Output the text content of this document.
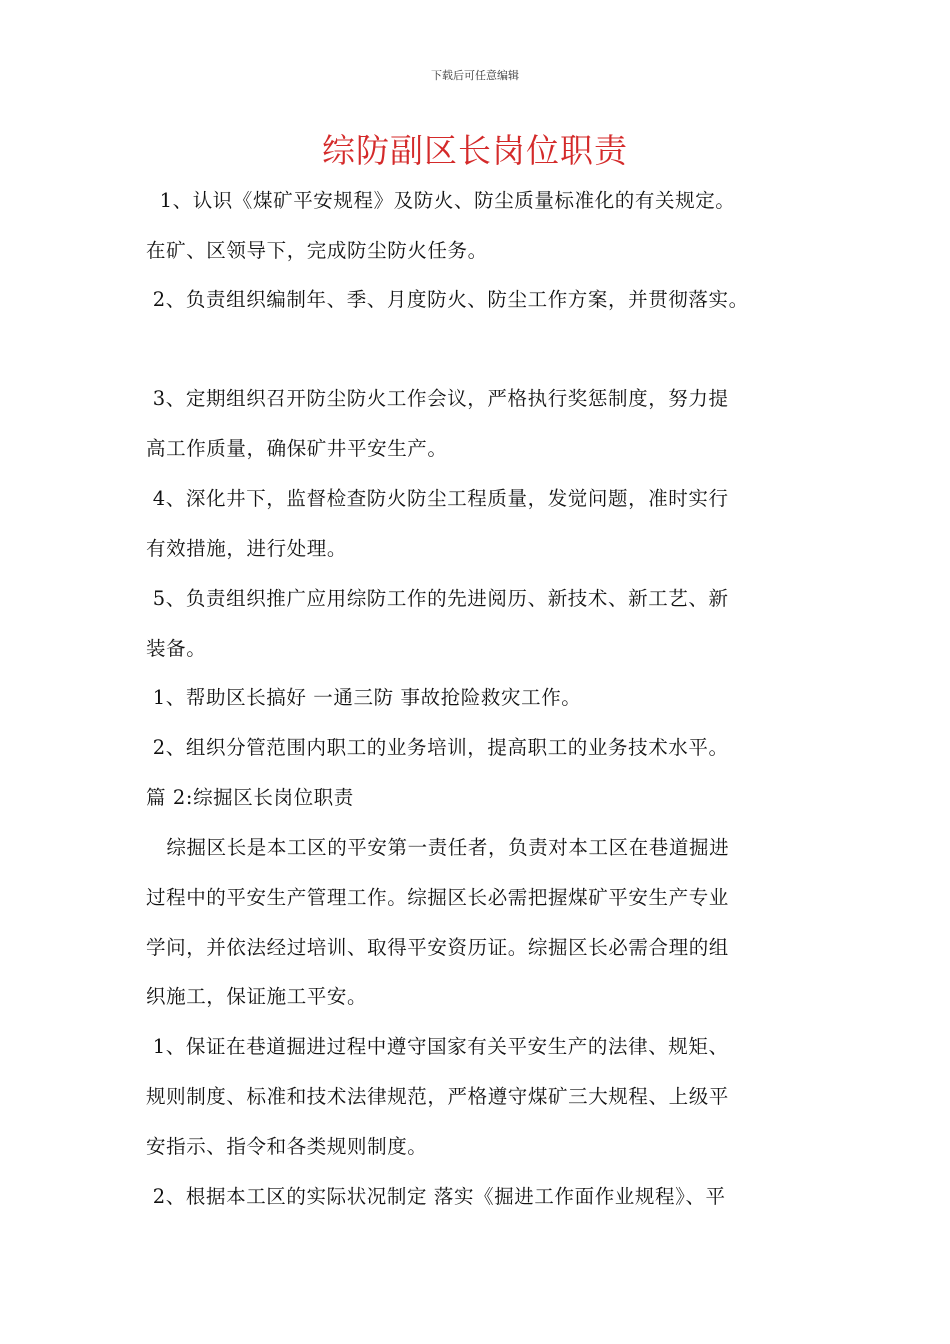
下载后可任意编辑
综防副区长岗位职责
1、认识《煤矿平安规程》及防火、防尘质量标准化的有关规定。
在矿、区领导下，完成防尘防火任务。
2、负责组织编制年、季、月度防火、防尘工作方案，并贯彻落实。
3、定期组织召开防尘防火工作会议，严格执行奖惩制度，努力提
高工作质量，确保矿井平安生产。
4、深化井下，监督检查防火防尘工程质量，发觉问题，准时实行
有效措施，进行处理。
5、负责组织推广应用综防工作的先进阅历、新技术、新工艺、新
装备。
1、帮助区长搞好 一通三防 事故抢险救灾工作。
2、组织分管范围内职工的业务培训，提高职工的业务技术水平。
篇 2:综掘区长岗位职责
综掘区长是本工区的平安第一责任者，负责对本工区在巷道掘进
过程中的平安生产管理工作。综掘区长必需把握煤矿平安生产专业
学问，并依法经过培训、取得平安资历证。综掘区长必需合理的组
织施工，保证施工平安。
1、保证在巷道掘进过程中遵守国家有关平安生产的法律、规矩、
规则制度、标准和技术法律规范，严格遵守煤矿三大规程、上级平
安指示、指令和各类规则制度。
2、根据本工区的实际状况制定 落实《掘进工作面作业规程》、平
